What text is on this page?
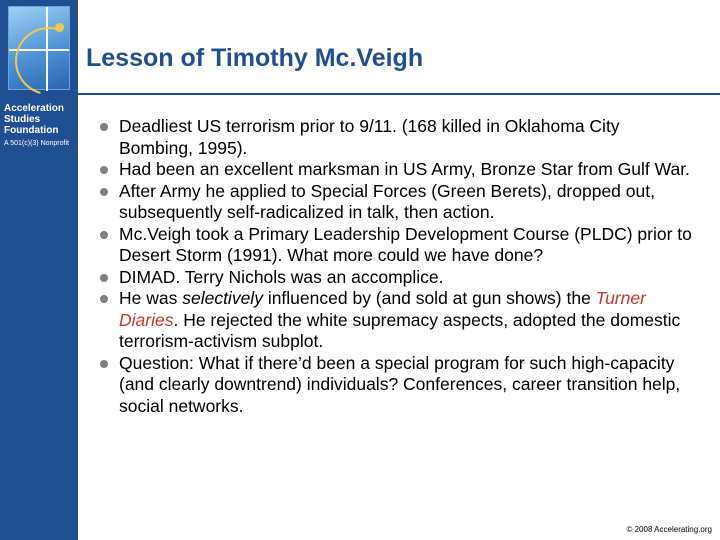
Acceleration
Studies
Foundation
A 501(c)(3) Nonprofit
Lesson of Timothy Mc.Veigh
Deadliest US terrorism prior to 9/11. (168 killed in Oklahoma City Bombing, 1995).
Had been an excellent marksman in US Army, Bronze Star from Gulf War.
After Army he applied to Special Forces (Green Berets), dropped out, subsequently self-radicalized in talk, then action.
Mc.Veigh took a Primary Leadership Development Course (PLDC) prior to Desert Storm (1991). What more could we have done?
DIMAD. Terry Nichols was an accomplice.
He was selectively influenced by (and sold at gun shows) the Turner Diaries. He rejected the white supremacy aspects, adopted the domestic terrorism-activism subplot.
Question: What if there’d been a special program for such high-capacity (and clearly downtrend) individuals? Conferences, career transition help, social networks.
© 2008 Accelerating.org
